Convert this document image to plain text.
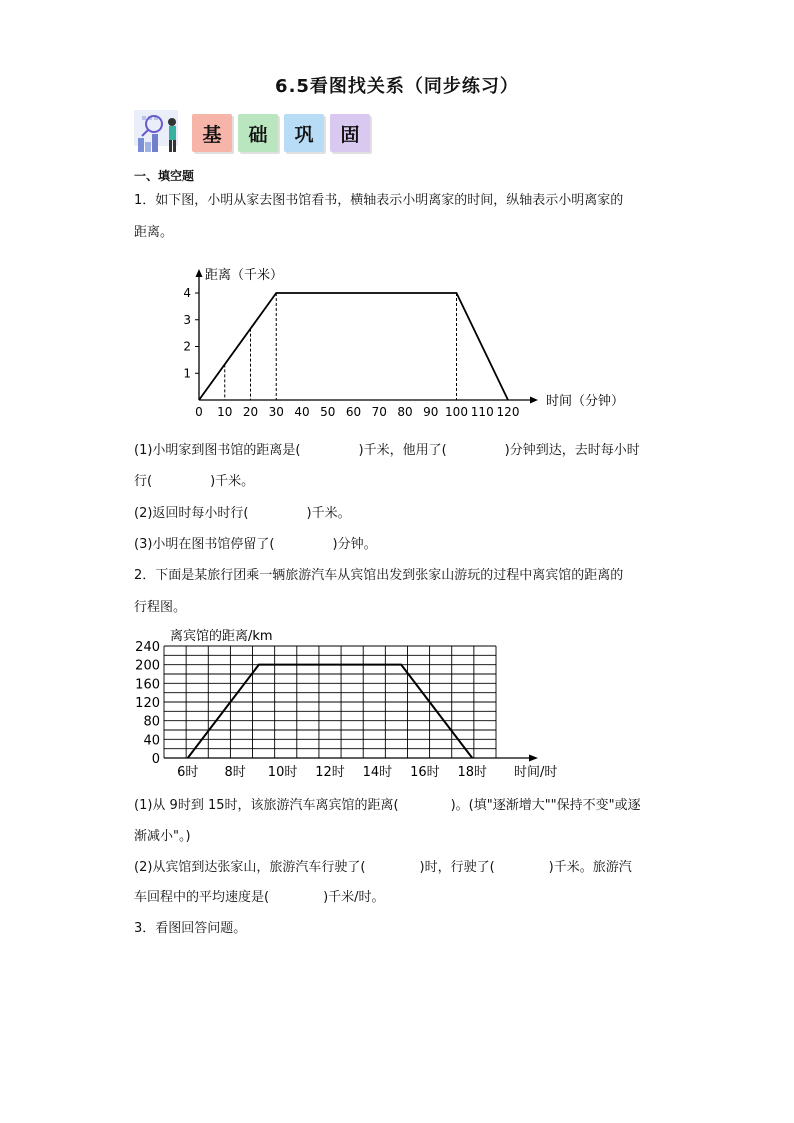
6.5看图找关系（同步练习）
基	础	巩	固
一、填空题
1．如下图，小明从家去图书馆看书，横轴表示小明离家的时间，纵轴表示小明离家的
距离。
1
2
3
4
0 10 20 30 40 50 60 70 80 90 100 110 120
距离（千米）
时间（分钟）
(1)小明家到图书馆的距离是(	)千米，他用了(	)分钟到达，去时每小时
行(	)千米。
(2)返回时每小时行(	)千米。
(3)小明在图书馆停留了(	)分钟。
2．下面是某旅行团乘一辆旅游汽车从宾馆出发到张家山游玩的过程中离宾馆的距离的
行程图。
0
40
80
120
160
200
240
6时 8时 10时 12时 14时 16时 18时
离宾馆的距离/km
时间/时
(1)从 9时到 15时，该旅游汽车离宾馆的距离(	)。(填"逐渐增大""保持不变"或逐
渐减小"。)
(2)从宾馆到达张家山，旅游汽车行驶了(	)时，行驶了(	)千米。旅游汽
车回程中的平均速度是(	)千米/时。
3．看图回答问题。
